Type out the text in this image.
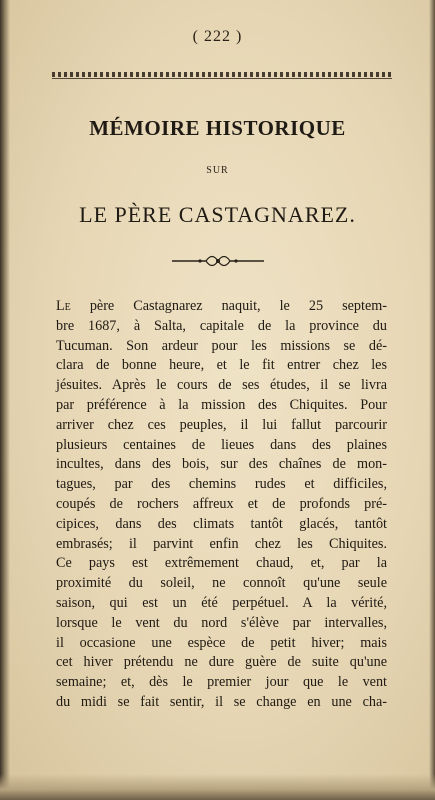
( 222 )
MÉMOIRE HISTORIQUE
SUR
LE PÈRE CASTAGNAREZ.
Le père Castagnarez naquit, le 25 septem-
bre 1687, à Salta, capitale de la province du
Tucuman. Son ardeur pour les missions se dé-
clara de bonne heure, et le fit entrer chez les
jésuites. Après le cours de ses études, il se livra
par préférence à la mission des Chiquites. Pour
arriver chez ces peuples, il lui fallut parcourir
plusieurs centaines de lieues dans des plaines
incultes, dans des bois, sur des chaînes de mon-
tagues, par des chemins rudes et difficiles,
coupés de rochers affreux et de profonds pré-
cipices, dans des climats tantôt glacés, tantôt
embrasés; il parvint enfin chez les Chiquites.
Ce pays est extrêmement chaud, et, par la
proximité du soleil, ne connoît qu'une seule
saison, qui est un été perpétuel. A la vérité,
lorsque le vent du nord s'élève par intervalles,
il occasione une espèce de petit hiver; mais
cet hiver prétendu ne dure guère de suite qu'une
semaine; et, dès le premier jour que le vent
du midi se fait sentir, il se change en une cha-
